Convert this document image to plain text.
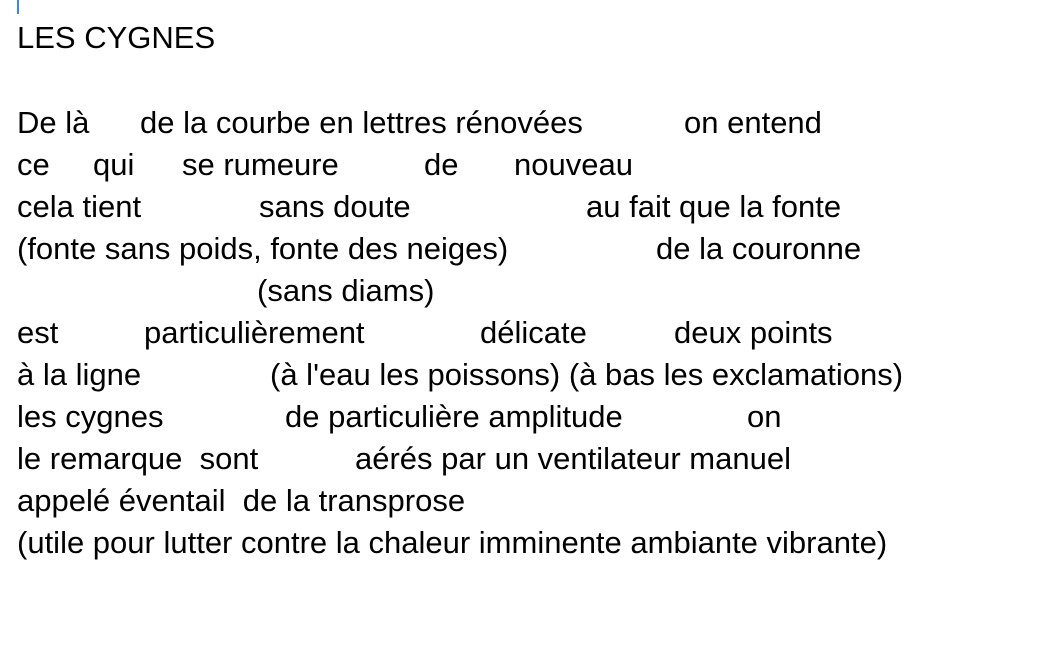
LES CYGNES

De là

de la courbe en lettres rénovées

	on entend

ce

qui

se rumeure

	de

nouveau

cela tient

	sans doute

	au fait que la fonte

(fonte sans poids, fonte des neiges)

	de la couronne

(sans diams)

est

	particulièrement

	délicate

	deux points

à la ligne

	(à l'eau les poissons) (à bas les exclamations)

les cygnes

	de particulière amplitude

	on

le remarque  sont

	aérés par un ventilateur manuel

appelé éventail  de la transprose

(utile pour lutter contre la chaleur imminente ambiante vibrante)
